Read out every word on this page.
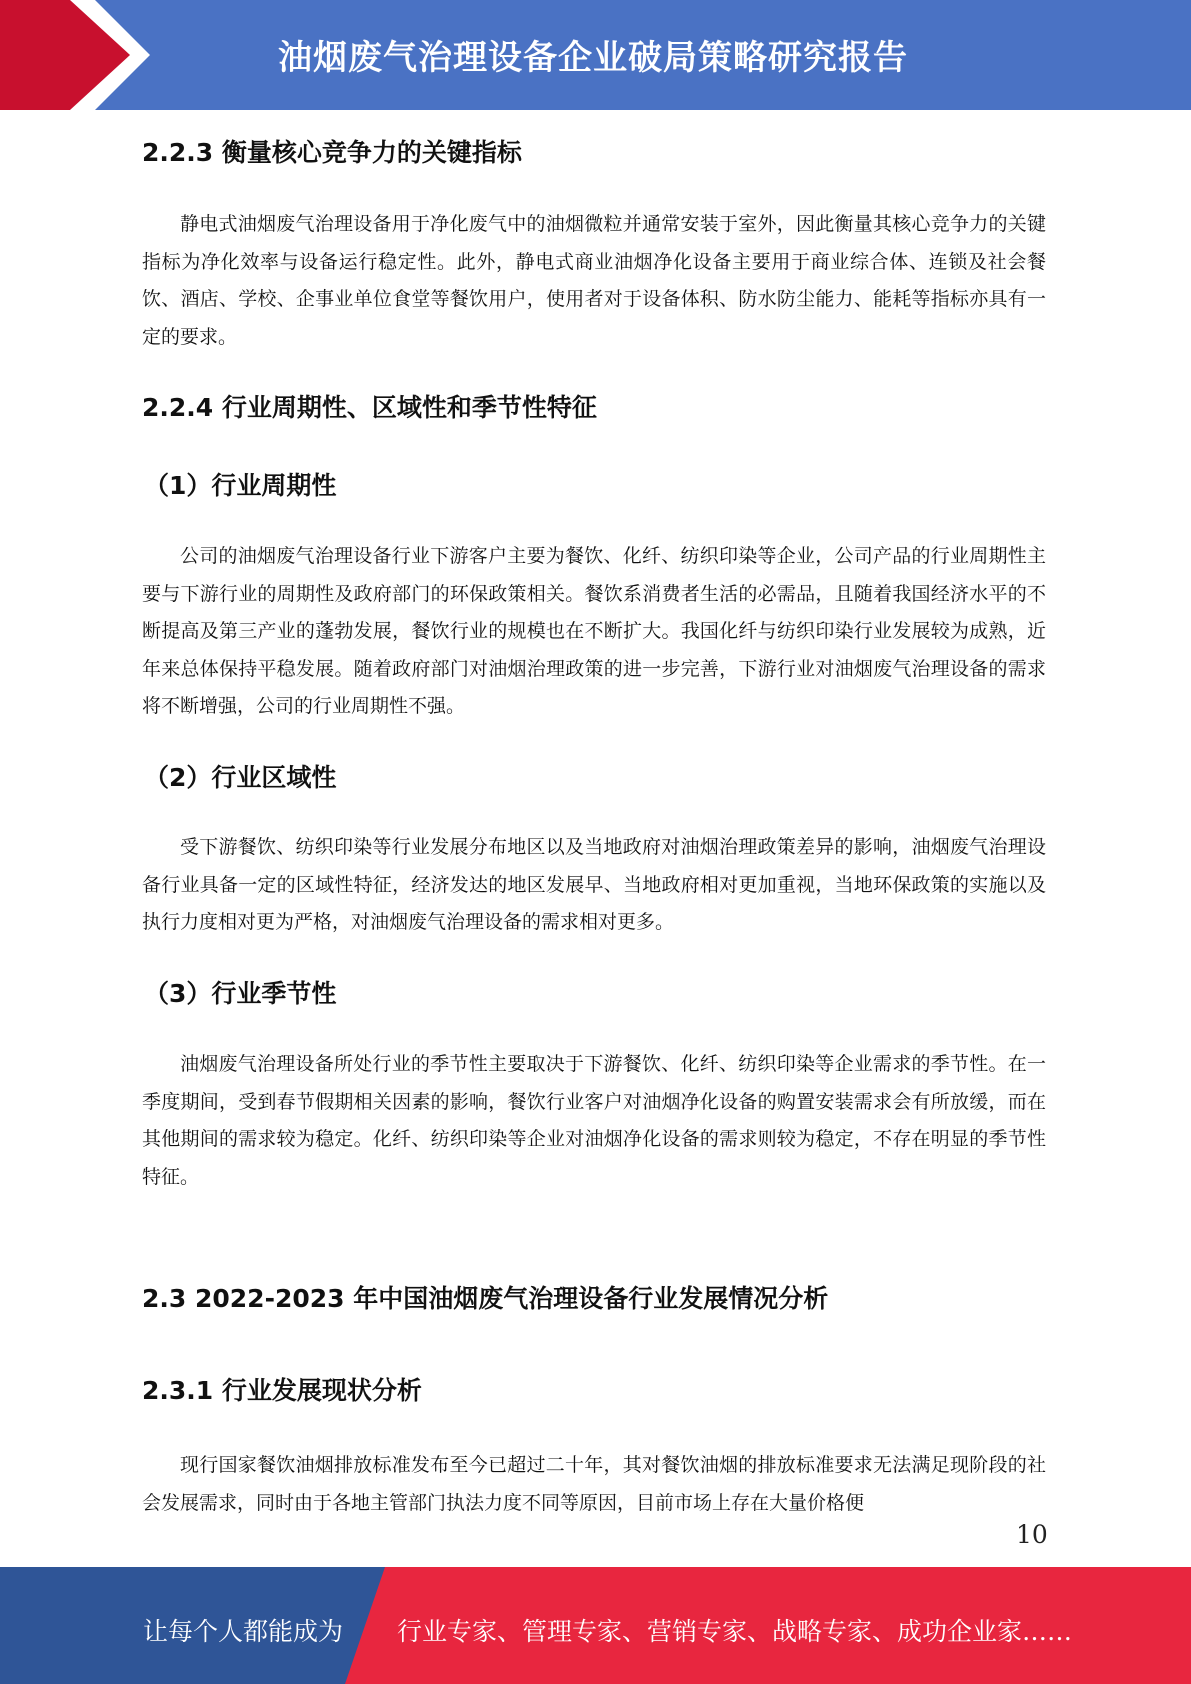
油烟废气治理设备企业破局策略研究报告
2.2.3 衡量核心竞争力的关键指标

静电式油烟废气治理设备用于净化废气中的油烟微粒并通常安装于室外，因此衡量其核心竞争力的关键指标为净化效率与设备运行稳定性。此外，静电式商业油烟净化设备主要用于商业综合体、连锁及社会餐饮、酒店、学校、企事业单位食堂等餐饮用户，使用者对于设备体积、防水防尘能力、能耗等指标亦具有一定的要求。

2.2.4 行业周期性、区域性和季节性特征
（1）行业周期性

公司的油烟废气治理设备行业下游客户主要为餐饮、化纤、纺织印染等企业，公司产品的行业周期性主要与下游行业的周期性及政府部门的环保政策相关。餐饮系消费者生活的必需品，且随着我国经济水平的不断提高及第三产业的蓬勃发展，餐饮行业的规模也在不断扩大。我国化纤与纺织印染行业发展较为成熟，近年来总体保持平稳发展。随着政府部门对油烟治理政策的进一步完善，下游行业对油烟废气治理设备的需求将不断增强，公司的行业周期性不强。

（2）行业区域性

受下游餐饮、纺织印染等行业发展分布地区以及当地政府对油烟治理政策差异的影响，油烟废气治理设备行业具备一定的区域性特征，经济发达的地区发展早、当地政府相对更加重视，当地环保政策的实施以及执行力度相对更为严格，对油烟废气治理设备的需求相对更多。

（3）行业季节性

油烟废气治理设备所处行业的季节性主要取决于下游餐饮、化纤、纺织印染等企业需求的季节性。在一季度期间，受到春节假期相关因素的影响，餐饮行业客户对油烟净化设备的购置安装需求会有所放缓，而在其他期间的需求较为稳定。化纤、纺织印染等企业对油烟净化设备的需求则较为稳定，不存在明显的季节性特征。

2.3 2022-2023 年中国油烟废气治理设备行业发展情况分析
2.3.1 行业发展现状分析

现行国家餐饮油烟排放标准发布至今已超过二十年，其对餐饮油烟的排放标准要求无法满足现阶段的社会发展需求，同时由于各地主管部门执法力度不同等原因，目前市场上存在大量价格便

10
让每个人都能成为 行业专家、管理专家、营销专家、战略专家、成功企业家……
